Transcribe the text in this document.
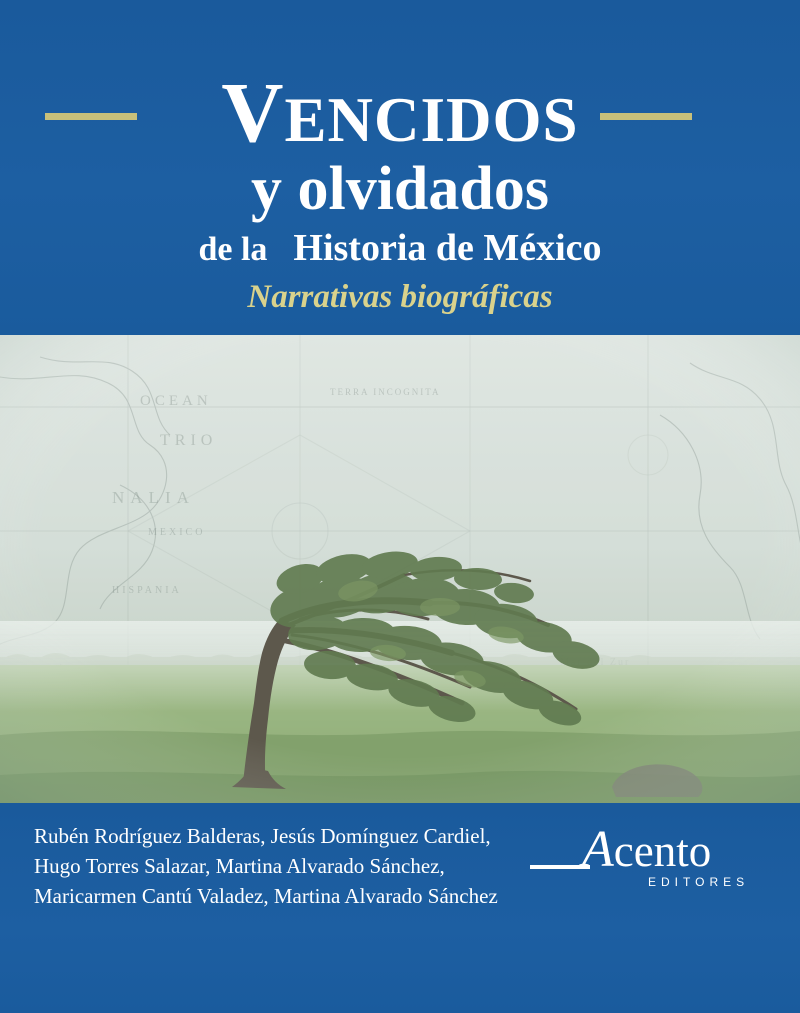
VENCIDOS
y olvidados
de la Historia de México
Narrativas biográficas
Rubén Rodríguez Balderas, Jesús Domínguez Cardiel,
Hugo Torres Salazar, Martina Alvarado Sánchez,
Maricarmen Cantú Valadez, Martina Alvarado Sánchez
Acento
EDITORES
